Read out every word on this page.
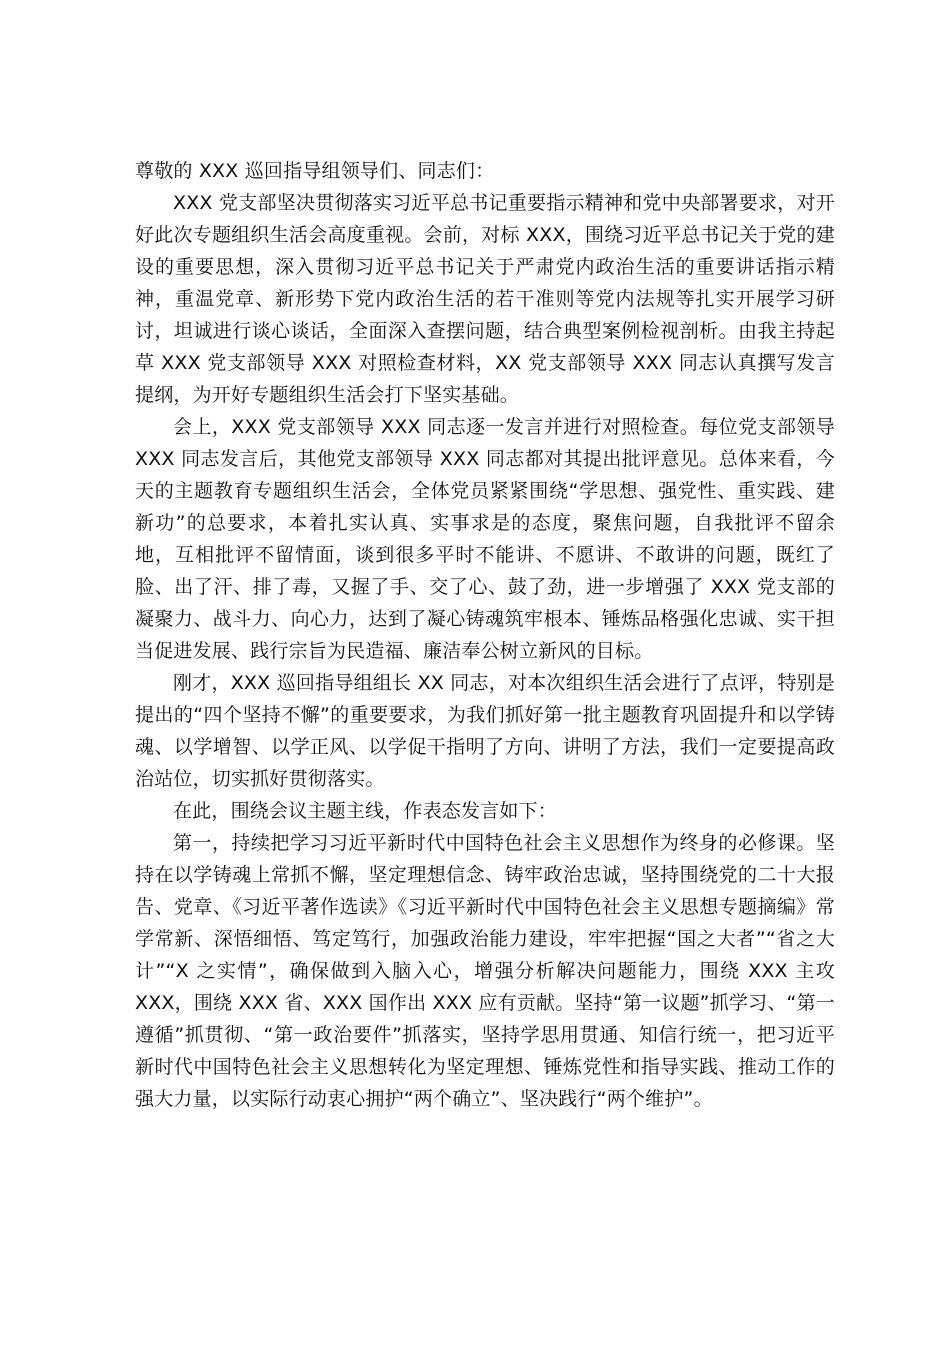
尊敬的 XXX 巡回指导组领导们、同志们：

XXX 党支部坚决贯彻落实习近平总书记重要指示精神和党中央部署要求，对开好此次专题组织生活会高度重视。会前，对标 XXX，围绕习近平总书记关于党的建设的重要思想，深入贯彻习近平总书记关于严肃党内政治生活的重要讲话指示精神，重温党章、新形势下党内政治生活的若干准则等党内法规等扎实开展学习研讨，坦诚进行谈心谈话，全面深入查摆问题，结合典型案例检视剖析。由我主持起草 XXX 党支部领导 XXX 对照检查材料，XX 党支部领导 XXX 同志认真撰写发言提纲，为开好专题组织生活会打下坚实基础。

会上，XXX 党支部领导 XXX 同志逐一发言并进行对照检查。每位党支部领导 XXX 同志发言后，其他党支部领导 XXX 同志都对其提出批评意见。总体来看，今天的主题教育专题组织生活会，全体党员紧紧围绕“学思想、强党性、重实践、建新功”的总要求，本着扎实认真、实事求是的态度，聚焦问题，自我批评不留余地，互相批评不留情面，谈到很多平时不能讲、不愿讲、不敢讲的问题，既红了脸、出了汗、排了毒，又握了手、交了心、鼓了劲，进一步增强了 XXX 党支部的凝聚力、战斗力、向心力，达到了凝心铸魂筑牢根本、锤炼品格强化忠诚、实干担当促进发展、践行宗旨为民造福、廉洁奉公树立新风的目标。

刚才，XXX 巡回指导组组长 XX 同志，对本次组织生活会进行了点评，特别是提出的“四个坚持不懈”的重要要求，为我们抓好第一批主题教育巩固提升和以学铸魂、以学增智、以学正风、以学促干指明了方向、讲明了方法，我们一定要提高政治站位，切实抓好贯彻落实。

在此，围绕会议主题主线，作表态发言如下：

第一，持续把学习习近平新时代中国特色社会主义思想作为终身的必修课。坚持在以学铸魂上常抓不懈，坚定理想信念、铸牢政治忠诚，坚持围绕党的二十大报告、党章、《习近平著作选读》《习近平新时代中国特色社会主义思想专题摘编》常学常新、深悟细悟、笃定笃行，加强政治能力建设，牢牢把握“国之大者”“省之大计”“X 之实情”，确保做到入脑入心，增强分析解决问题能力，围绕 XXX 主攻 XXX，围绕 XXX 省、XXX 国作出 XXX 应有贡献。坚持“第一议题”抓学习、“第一遵循”抓贯彻、“第一政治要件”抓落实，坚持学思用贯通、知信行统一，把习近平新时代中国特色社会主义思想转化为坚定理想、锤炼党性和指导实践、推动工作的强大力量，以实际行动衷心拥护“两个确立”、坚决践行“两个维护”。
